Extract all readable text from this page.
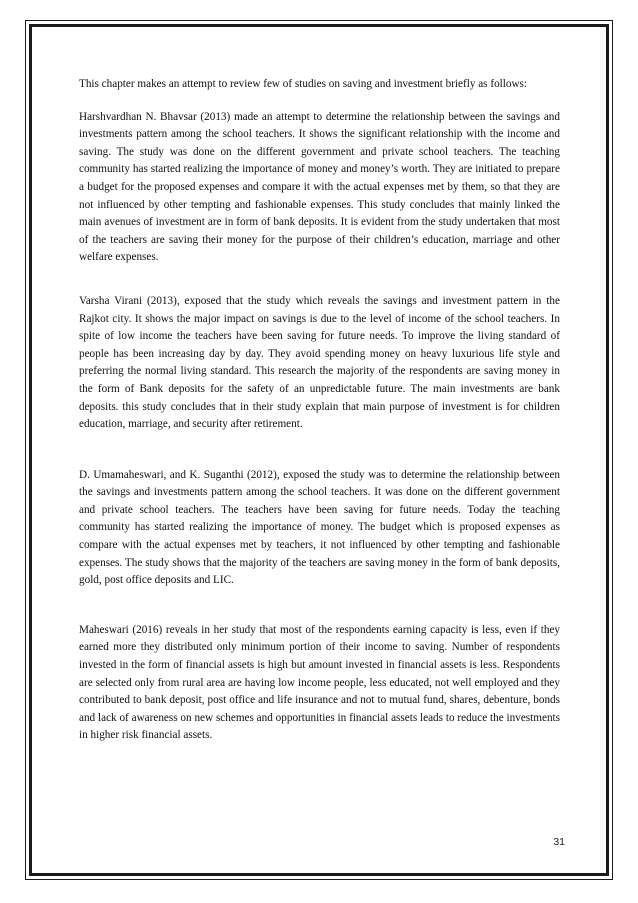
This chapter makes an attempt to review few of studies on saving and investment briefly as follows:

Harshvardhan N. Bhavsar (2013) made an attempt to determine the relationship between the savings and investments pattern among the school teachers. It shows the significant relationship with the income and saving. The study was done on the different government and private school teachers. The teaching community has started realizing the importance of money and money’s worth. They are initiated to prepare a budget for the proposed expenses and compare it with the actual expenses met by them, so that they are not influenced by other tempting and fashionable expenses. This study concludes that mainly linked the main avenues of investment are in form of bank deposits. It is evident from the study undertaken that most of the teachers are saving their money for the purpose of their children’s education, marriage and other welfare expenses.

Varsha Virani (2013), exposed that the study which reveals the savings and investment pattern in the Rajkot city. It shows the major impact on savings is due to the level of income of the school teachers. In spite of low income the teachers have been saving for future needs. To improve the living standard of people has been increasing day by day. They avoid spending money on heavy luxurious life style and preferring the normal living standard. This research the majority of the respondents are saving money in the form of Bank deposits for the safety of an unpredictable future. The main investments are bank deposits. this study concludes that in their study explain that main purpose of investment is for children education, marriage, and security after retirement.

D. Umamaheswari, and K. Suganthi (2012), exposed the study was to determine the relationship between the savings and investments pattern among the school teachers. It was done on the different government and private school teachers. The teachers have been saving for future needs. Today the teaching community has started realizing the importance of money. The budget which is proposed expenses as compare with the actual expenses met by teachers, it not influenced by other tempting and fashionable expenses. The study shows that the majority of the teachers are saving money in the form of bank deposits, gold, post office deposits and LIC.

Maheswari (2016) reveals in her study that most of the respondents earning capacity is less, even if they earned more they distributed only minimum portion of their income to saving. Number of respondents invested in the form of financial assets is high but amount invested in financial assets is less. Respondents are selected only from rural area are having low income people, less educated, not well employed and they contributed to bank deposit, post office and life insurance and not to mutual fund, shares, debenture, bonds and lack of awareness on new schemes and opportunities in financial assets leads to reduce the investments in higher risk financial assets.

31
